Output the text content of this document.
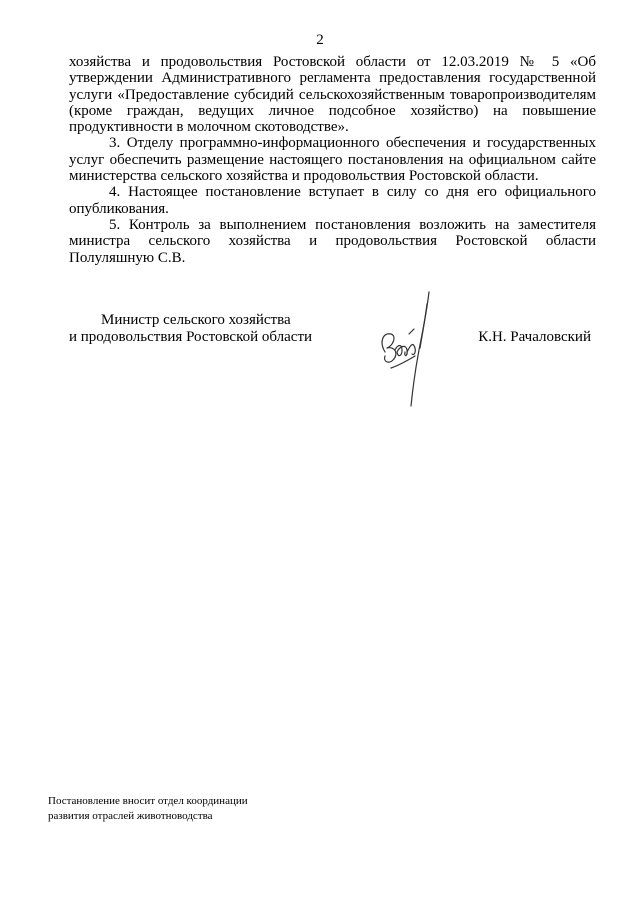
2

хозяйства и продовольствия Ростовской области от 12.03.2019 № 5 «Об утверждении Административного регламента предоставления государственной услуги «Предоставление субсидий сельскохозяйственным товаропроизводителям (кроме граждан, ведущих личное подсобное хозяйство) на повышение продуктивности в молочном скотоводстве».

3. Отделу программно-информационного обеспечения и государственных услуг обеспечить размещение настоящего постановления на официальном сайте министерства сельского хозяйства и продовольствия Ростовской области.

4. Настоящее постановление вступает в силу со дня его официального опубликования.

5. Контроль за выполнением постановления возложить на заместителя министра сельского хозяйства и продовольствия Ростовской области Полуляшную С.В.

Министр сельского хозяйства
и продовольствия Ростовской области	К.Н. Рачаловский
Постановление вносит отдел координации
развития отраслей животноводства
